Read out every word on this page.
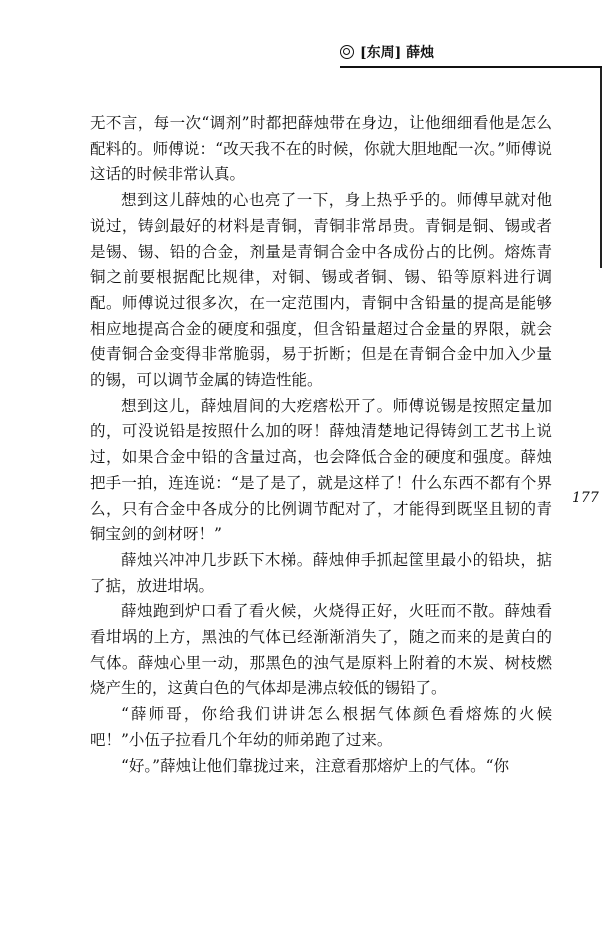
[东周] 薛烛
177

无不言，每一次“调剂”时都把薛烛带在身边，让他细细看他是怎么配料的。师傅说：“改天我不在的时候，你就大胆地配一次。”师傅说这话的时候非常认真。

想到这儿薛烛的心也亮了一下，身上热乎乎的。师傅早就对他说过，铸剑最好的材料是青铜，青铜非常昂贵。青铜是铜、锡或者是锡、锡、铅的合金，剂量是青铜合金中各成份占的比例。熔炼青铜之前要根据配比规律，对铜、锡或者铜、锡、铅等原料进行调配。师傅说过很多次，在一定范围内，青铜中含铅量的提高是能够相应地提高合金的硬度和强度，但含铅量超过合金量的界限，就会使青铜合金变得非常脆弱，易于折断；但是在青铜合金中加入少量的锡，可以调节金属的铸造性能。

想到这儿，薛烛眉间的大疙瘩松开了。师傅说锡是按照定量加的，可没说铅是按照什么加的呀！薛烛清楚地记得铸剑工艺书上说过，如果合金中铅的含量过高，也会降低合金的硬度和强度。薛烛把手一拍，连连说：“是了是了，就是这样了！什么东西不都有个界么，只有合金中各成分的比例调节配对了，才能得到既坚且韧的青铜宝剑的剑材呀！”

薛烛兴冲冲几步跃下木梯。薛烛伸手抓起筐里最小的铅块，掂了掂，放进坩埚。

薛烛跑到炉口看了看火候，火烧得正好，火旺而不散。薛烛看看坩埚的上方，黑浊的气体已经渐渐消失了，随之而来的是黄白的气体。薛烛心里一动，那黑色的浊气是原料上附着的木炭、树枝燃烧产生的，这黄白色的气体却是沸点较低的锡铅了。

“薛师哥，你给我们讲讲怎么根据气体颜色看熔炼的火候吧！”小伍子拉看几个年幼的师弟跑了过来。

“好。”薛烛让他们靠拢过来，注意看那熔炉上的气体。“你
